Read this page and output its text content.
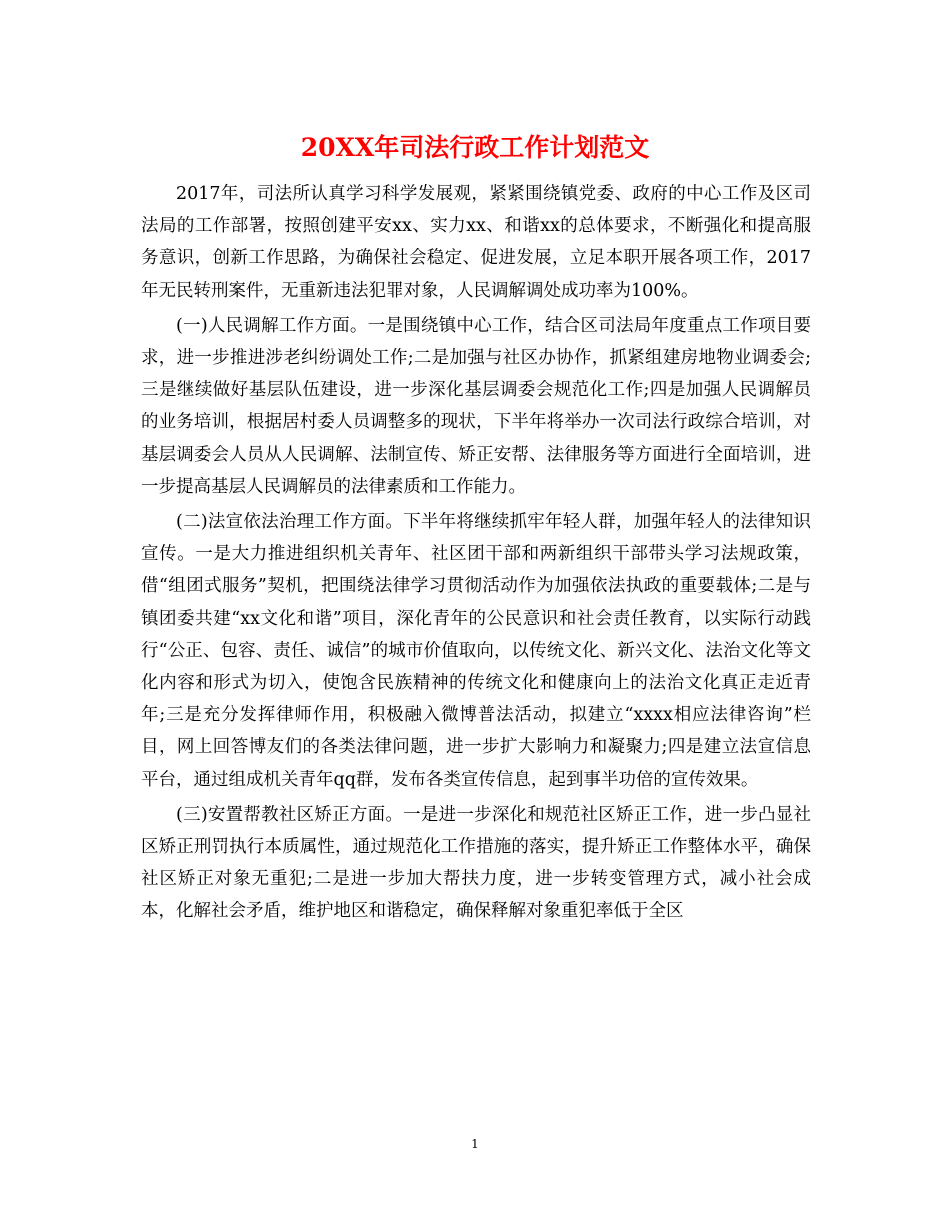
20XX年司法行政工作计划范文

2017年，司法所认真学习科学发展观，紧紧围绕镇党委、政府的中心工作及区司法局的工作部署，按照创建平安xx、实力xx、和谐xx的总体要求，不断强化和提高服务意识，创新工作思路，为确保社会稳定、促进发展，立足本职开展各项工作，2017年无民转刑案件，无重新违法犯罪对象，人民调解调处成功率为100%。

(一)人民调解工作方面。一是围绕镇中心工作，结合区司法局年度重点工作项目要求，进一步推进涉老纠纷调处工作;二是加强与社区办协作，抓紧组建房地物业调委会;三是继续做好基层队伍建设，进一步深化基层调委会规范化工作;四是加强人民调解员的业务培训，根据居村委人员调整多的现状，下半年将举办一次司法行政综合培训，对基层调委会人员从人民调解、法制宣传、矫正安帮、法律服务等方面进行全面培训，进一步提高基层人民调解员的法律素质和工作能力。

(二)法宣依法治理工作方面。下半年将继续抓牢年轻人群，加强年轻人的法律知识宣传。一是大力推进组织机关青年、社区团干部和两新组织干部带头学习法规政策，借“组团式服务”契机，把围绕法律学习贯彻活动作为加强依法执政的重要载体;二是与镇团委共建“xx文化和谐”项目，深化青年的公民意识和社会责任教育，以实际行动践行“公正、包容、责任、诚信”的城市价值取向，以传统文化、新兴文化、法治文化等文化内容和形式为切入，使饱含民族精神的传统文化和健康向上的法治文化真正走近青年;三是充分发挥律师作用，积极融入微博普法活动，拟建立“xxxx相应法律咨询”栏目，网上回答博友们的各类法律问题，进一步扩大影响力和凝聚力;四是建立法宣信息平台，通过组成机关青年qq群，发布各类宣传信息，起到事半功倍的宣传效果。

(三)安置帮教社区矫正方面。一是进一步深化和规范社区矫正工作，进一步凸显社区矫正刑罚执行本质属性，通过规范化工作措施的落实，提升矫正工作整体水平，确保社区矫正对象无重犯;二是进一步加大帮扶力度，进一步转变管理方式，减小社会成本，化解社会矛盾，维护地区和谐稳定，确保释解对象重犯率低于全区

1
